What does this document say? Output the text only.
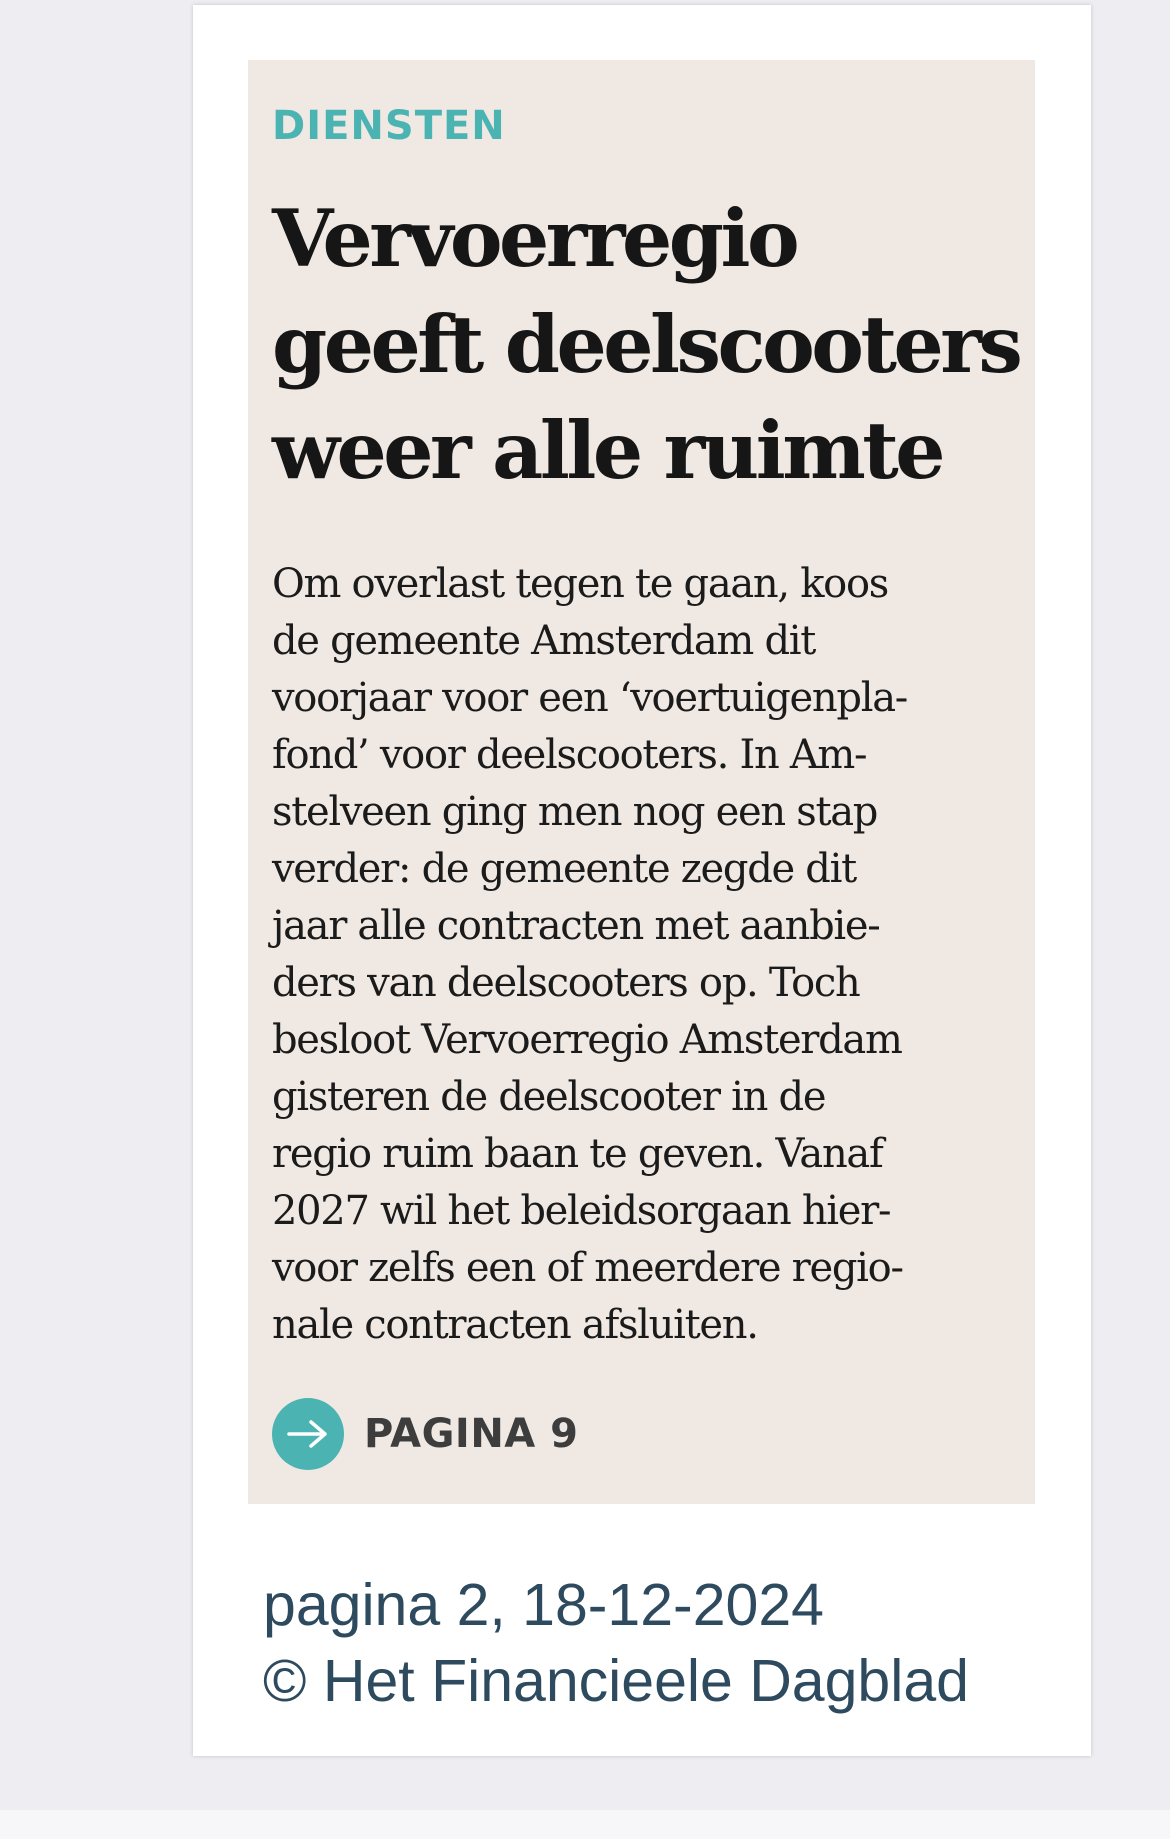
DIENSTEN
Vervoerregio geeft deelscooters weer alle ruimte
Om overlast tegen te gaan, koos
de gemeente Amsterdam dit
voorjaar voor een ‘voertuigenpla-
fond’ voor deelscooters. In Am-
stelveen ging men nog een stap
verder: de gemeente zegde dit
jaar alle contracten met aanbie-
ders van deelscooters op. Toch
besloot Vervoerregio Amsterdam
gisteren de deelscooter in de
regio ruim baan te geven. Vanaf
2027 wil het beleidsorgaan hier-
voor zelfs een of meerdere regio-
nale contracten afsluiten.
PAGINA 9
pagina 2, 18-12-2024
© Het Financieele Dagblad
